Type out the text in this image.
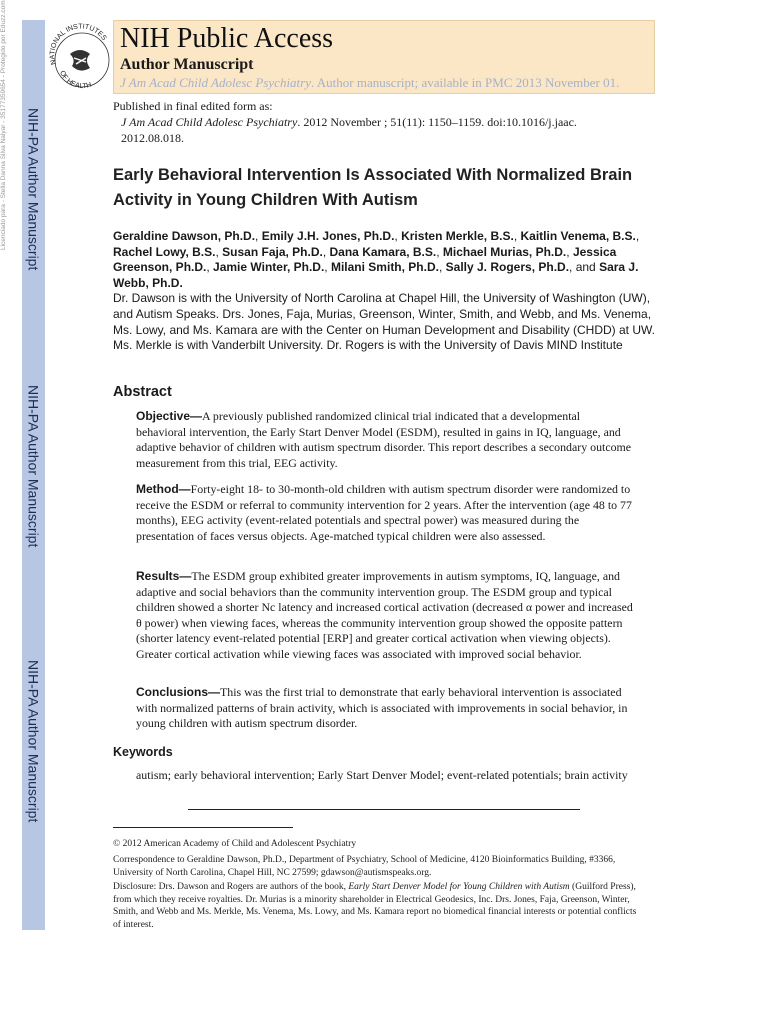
Licenciado para - Stella Danna Silva Nalyar - 35177359654 - Protegido por Eduzz.com	NIH-PA Author Manuscript
NIH-PA Author Manuscript
NIH-PA Author Manuscript
NATIONAL INSTITUTES
OF HEALTH
NIH Public Access
Author Manuscript
J Am Acad Child Adolesc Psychiatry. Author manuscript; available in PMC 2013 November 01.
Published in final edited form as:
J Am Acad Child Adolesc Psychiatry. 2012 November ; 51(11): 1150–1159. doi:10.1016/j.jaac.
2012.08.018.
Early Behavioral Intervention Is Associated With Normalized Brain Activity in Young Children With Autism
Geraldine Dawson, Ph.D., Emily J.H. Jones, Ph.D., Kristen Merkle, B.S., Kaitlin Venema, B.S., Rachel Lowy, B.S., Susan Faja, Ph.D., Dana Kamara, B.S., Michael Murias, Ph.D., Jessica Greenson, Ph.D., Jamie Winter, Ph.D., Milani Smith, Ph.D., Sally J. Rogers, Ph.D., and Sara J. Webb, Ph.D.
Dr. Dawson is with the University of North Carolina at Chapel Hill, the University of Washington (UW), and Autism Speaks. Drs. Jones, Faja, Murias, Greenson, Winter, Smith, and Webb, and Ms. Venema, Ms. Lowy, and Ms. Kamara are with the Center on Human Development and Disability (CHDD) at UW. Ms. Merkle is with Vanderbilt University. Dr. Rogers is with the University of Davis MIND Institute
Abstract
Objective—A previously published randomized clinical trial indicated that a developmental behavioral intervention, the Early Start Denver Model (ESDM), resulted in gains in IQ, language, and adaptive behavior of children with autism spectrum disorder. This report describes a secondary outcome measurement from this trial, EEG activity.
Method—Forty-eight 18- to 30-month-old children with autism spectrum disorder were randomized to receive the ESDM or referral to community intervention for 2 years. After the intervention (age 48 to 77 months), EEG activity (event-related potentials and spectral power) was measured during the presentation of faces versus objects. Age-matched typical children were also assessed.
Results—The ESDM group exhibited greater improvements in autism symptoms, IQ, language, and adaptive and social behaviors than the community intervention group. The ESDM group and typical children showed a shorter Nc latency and increased cortical activation (decreased α power and increased θ power) when viewing faces, whereas the community intervention group showed the opposite pattern (shorter latency event-related potential [ERP] and greater cortical activation when viewing objects). Greater cortical activation while viewing faces was associated with improved social behavior.
Conclusions—This was the first trial to demonstrate that early behavioral intervention is associated with normalized patterns of brain activity, which is associated with improvements in social behavior, in young children with autism spectrum disorder.
Keywords
autism; early behavioral intervention; Early Start Denver Model; event-related potentials; brain activity
© 2012 American Academy of Child and Adolescent Psychiatry
Correspondence to Geraldine Dawson, Ph.D., Department of Psychiatry, School of Medicine, 4120 Bioinformatics Building, #3366, University of North Carolina, Chapel Hill, NC 27599; gdawson@autismspeaks.org.
Disclosure: Drs. Dawson and Rogers are authors of the book, Early Start Denver Model for Young Children with Autism (Guilford Press), from which they receive royalties. Dr. Murias is a minority shareholder in Electrical Geodesics, Inc. Drs. Jones, Faja, Greenson, Winter, Smith, and Webb and Ms. Merkle, Ms. Venema, Ms. Lowy, and Ms. Kamara report no biomedical financial interests or potential conflicts of interest.
